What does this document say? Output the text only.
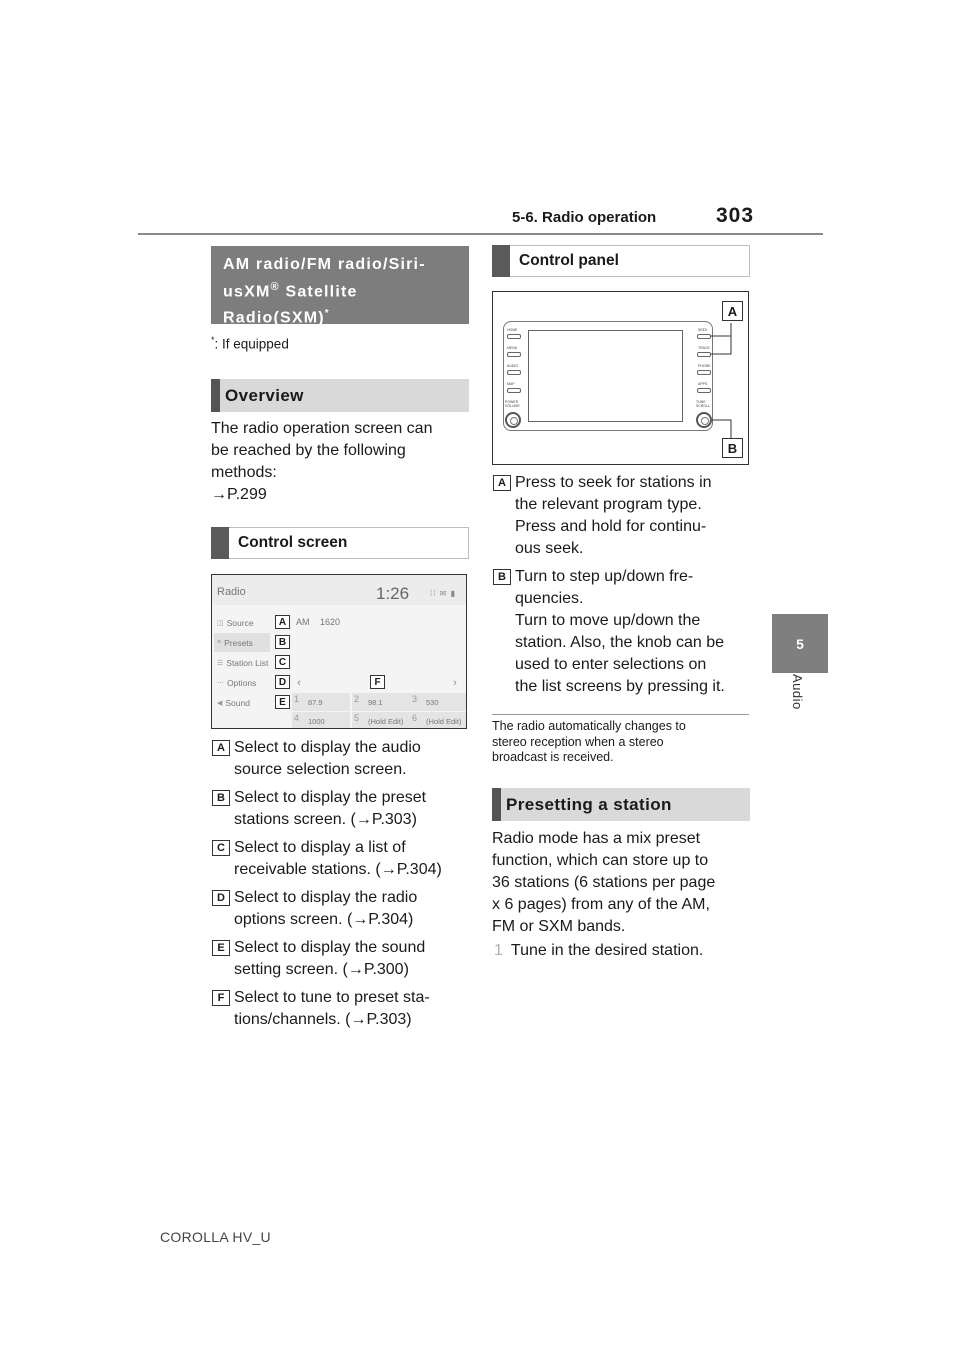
5-6. Radio operation	303
5
Audio
AM radio/FM radio/Siri-
usXM® Satellite
Radio(SXM)*
*: If equipped
Overview
The radio operation screen can
be reached by the following
methods:
→P.299
Control screen
Radio	1:26	⁞⁞ ✉ ▮
◫ Source
≡ Presets
☰ Station List
⋯ Options
◀ Sound
A
B
C
D
E
AM 1620
F
‹	›
1 87.9	2 98.1	3 530
4 1000	5 (Hold Edit) 6 (Hold Edit)
A Select to display the audio
source selection screen.
B Select to display the preset
stations screen. (→P.303)
C Select to display a list of
receivable stations. (→P.304)
D Select to display the radio
options screen. (→P.304)
E Select to display the sound
setting screen. (→P.300)
F Select to tune to preset sta-
tions/channels. (→P.303)
Control panel
HOME
MENU
AUDIO
MAP
POWER VOLUME
SEEK
TRACK
PHONE
APPS
TUNE SCROLL
A
B
A Press to seek for stations in
the relevant program type.
Press and hold for continu-
ous seek.
B Turn to step up/down fre-
quencies.
Turn to move up/down the
station. Also, the knob can be
used to enter selections on
the list screens by pressing it.
The radio automatically changes to
stereo reception when a stereo
broadcast is received.
Presetting a station
Radio mode has a mix preset
function, which can store up to
36 stations (6 stations per page
x 6 pages) from any of the AM,
FM or SXM bands.
1 Tune in the desired station.
COROLLA HV_U
